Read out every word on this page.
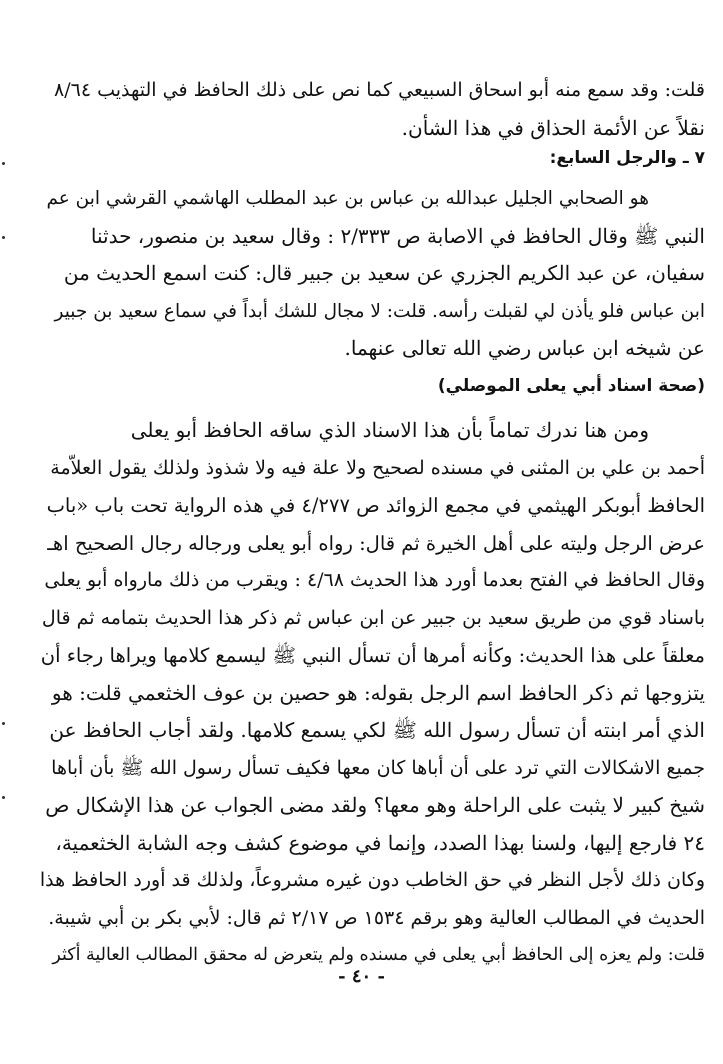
قلت: وقد سمع منه أبو اسحاق السبيعي كما نص على ذلك الحافظ في التهذيب ٨/٦٤
نقلاً عن الأئمة الحذاق في هذا الشأن.
٧ ـ والرجل السابع:
هو الصحابي الجليل عبدالله بن عباس بن عبد المطلب الهاشمي القرشي ابن عم
النبي ﷺ وقال الحافظ في الاصابة ص ٢/٣٣٣ : وقال سعيد بن منصور، حدثنا
سفيان، عن عبد الكريم الجزري عن سعيد بن جبير قال: كنت اسمع الحديث من
ابن عباس فلو يأذن لي لقبلت رأسه. قلت: لا مجال للشك أبداً في سماع سعيد بن جبير
عن شيخه ابن عباس رضي الله تعالى عنهما.
(صحة اسناد أبي يعلى الموصلي)
ومن هنا ندرك تماماً بأن هذا الاسناد الذي ساقه الحافظ أبو يعلى
أحمد بن علي بن المثنى في مسنده لصحيح ولا علة فيه ولا شذوذ ولذلك يقول العلاّمة
الحافظ أبوبكر الهيثمي في مجمع الزوائد ص ٤/٢٧٧ في هذه الرواية تحت باب «باب
عرض الرجل وليته على أهل الخيرة ثم قال: رواه أبو يعلى ورجاله رجال الصحيح اهـ
وقال الحافظ في الفتح بعدما أورد هذا الحديث ٤/٦٨ : ويقرب من ذلك مارواه أبو يعلى
باسناد قوي من طريق سعيد بن جبير عن ابن عباس ثم ذكر هذا الحديث بتمامه ثم قال
معلقاً على هذا الحديث: وكأنه أمرها أن تسأل النبي ﷺ ليسمع كلامها ويراها رجاء أن
يتزوجها ثم ذكر الحافظ اسم الرجل بقوله: هو حصين بن عوف الخثعمي قلت: هو
الذي أمر ابنته أن تسأل رسول الله ﷺ لكي يسمع كلامها. ولقد أجاب الحافظ عن
جميع الاشكالات التي ترد على أن أباها كان معها فكيف تسأل رسول الله ﷺ بأن أباها
شيخ كبير لا يثبت على الراحلة وهو معها؟ ولقد مضى الجواب عن هذا الإشكال ص
٢٤ فارجع إليها، ولسنا بهذا الصدد، وإنما في موضوع كشف وجه الشابة الخثعمية،
وكان ذلك لأجل النظر في حق الخاطب دون غيره مشروعاً، ولذلك قد أورد الحافظ هذا
الحديث في المطالب العالية وهو برقم ١٥٣٤ ص ٢/١٧ ثم قال: لأبي بكر بن أبي شيبة.
قلت: ولم يعزه إلى الحافظ أبي يعلى في مسنده ولم يتعرض له محقق المطالب العالية أكثر
- ٤٠ -
